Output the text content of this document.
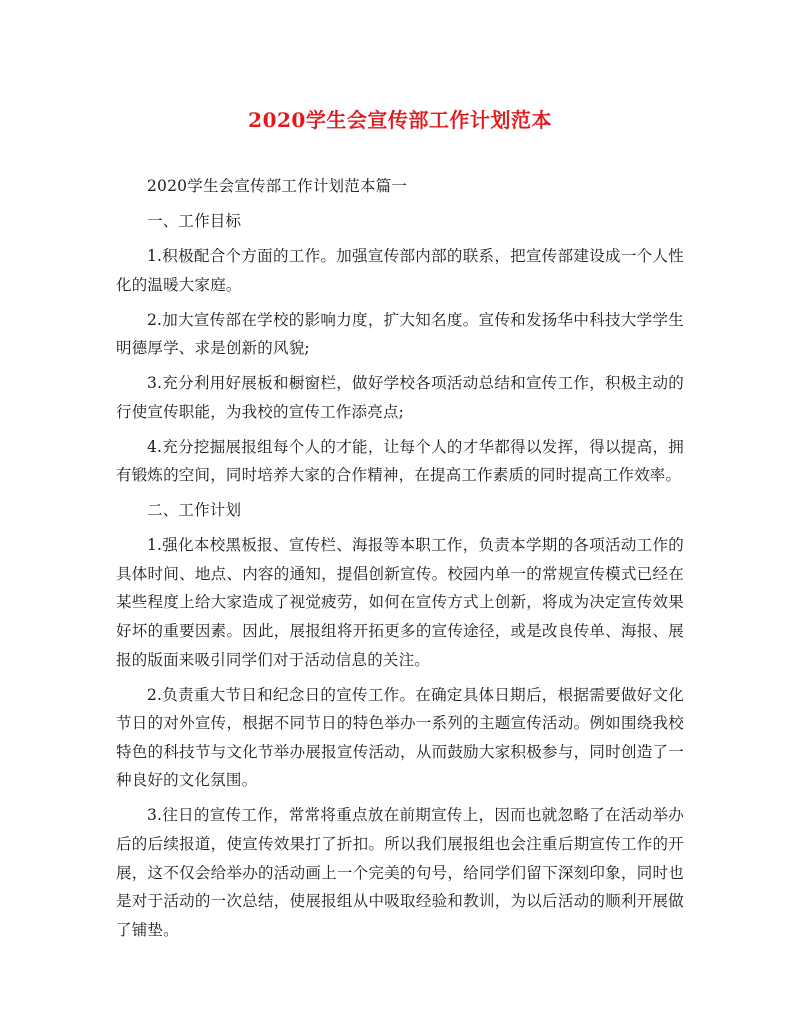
2020学生会宣传部工作计划范本

2020学生会宣传部工作计划范本篇一

一、工作目标

1.积极配合个方面的工作。加强宣传部内部的联系，把宣传部建设成一个人性化的温暖大家庭。

2.加大宣传部在学校的影响力度，扩大知名度。宣传和发扬华中科技大学学生明德厚学、求是创新的风貌;

3.充分利用好展板和橱窗栏，做好学校各项活动总结和宣传工作，积极主动的行使宣传职能，为我校的宣传工作添亮点;

4.充分挖掘展报组每个人的才能，让每个人的才华都得以发挥，得以提高，拥有锻炼的空间，同时培养大家的合作精神，在提高工作素质的同时提高工作效率。

二、工作计划

1.强化本校黑板报、宣传栏、海报等本职工作，负责本学期的各项活动工作的具体时间、地点、内容的通知，提倡创新宣传。校园内单一的常规宣传模式已经在某些程度上给大家造成了视觉疲劳，如何在宣传方式上创新，将成为决定宣传效果好坏的重要因素。因此，展报组将开拓更多的宣传途径，或是改良传单、海报、展报的版面来吸引同学们对于活动信息的关注。

2.负责重大节日和纪念日的宣传工作。在确定具体日期后，根据需要做好文化节日的对外宣传，根据不同节日的特色举办一系列的主题宣传活动。例如围绕我校特色的科技节与文化节举办展报宣传活动，从而鼓励大家积极参与，同时创造了一种良好的文化氛围。

3.往日的宣传工作，常常将重点放在前期宣传上，因而也就忽略了在活动举办后的后续报道，使宣传效果打了折扣。所以我们展报组也会注重后期宣传工作的开展，这不仅会给举办的活动画上一个完美的句号，给同学们留下深刻印象，同时也是对于活动的一次总结，使展报组从中吸取经验和教训，为以后活动的顺利开展做了铺垫。
